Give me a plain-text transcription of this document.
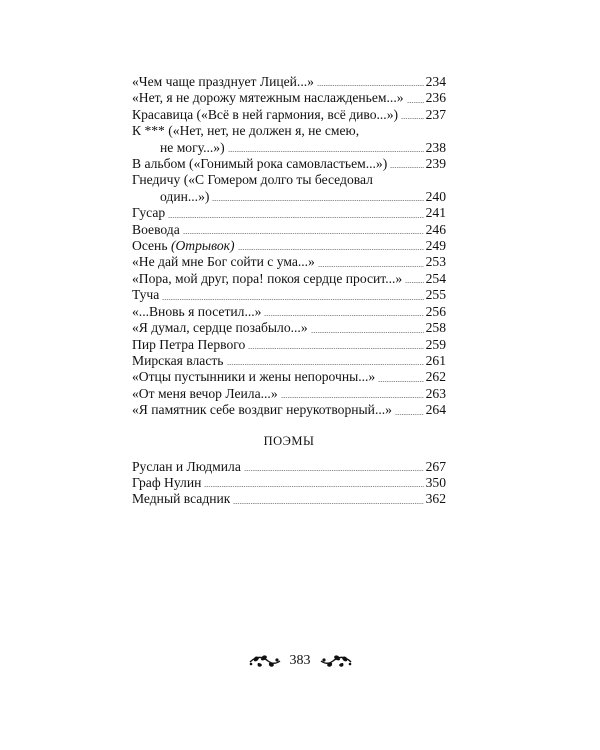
«Чем чаще празднует Лицей...»	234
«Нет, я не дорожу мятежным наслажденьем...» 236
Красавица («Всё в ней гармония, всё диво...») 237
К *** («Нет, нет, не должен я, не смею,
не могу...»)	238
В альбом («Гонимый рока самовластьем...»)	239
Гнедичу («С Гомером долго ты беседовал
один...»)	240
Гусар	241
Воевода	246
Осень (Отрывок)	249
«Не дай мне Бог сойти с ума...»	253
«Пора, мой друг, пора! покоя сердце просит...» 254
Туча	255
«...Вновь я посетил...»	256
«Я думал, сердце позабыло...»	258
Пир Петра Первого	259
Мирская власть	261
«Отцы пустынники и жены непорочны...»	262
«От меня вечор Леила...»	263
«Я памятник себе воздвиг нерукотворный...» 264
ПОЭМЫ
Руслан и Людмила	267
Граф Нулин	350
Медный всадник	362
383
